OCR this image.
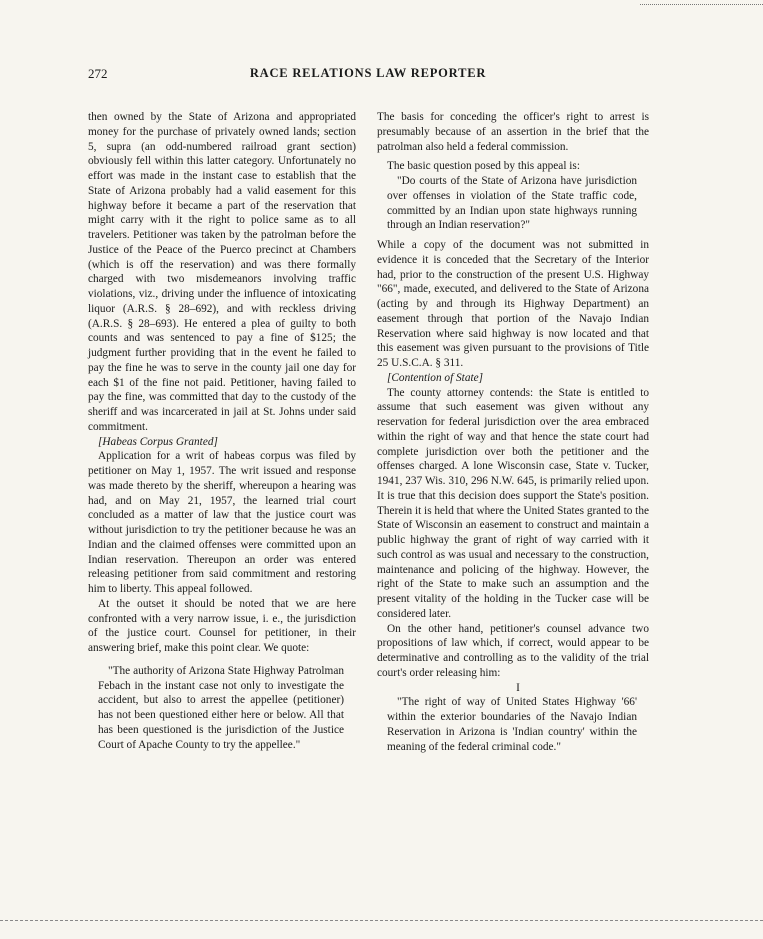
272	RACE RELATIONS LAW REPORTER

then owned by the State of Arizona and appropriated money for the purchase of privately owned lands; section 5, supra (an odd-numbered railroad grant section) obviously fell within this latter category. Unfortunately no effort was made in the instant case to establish that the State of Arizona probably had a valid easement for this highway before it became a part of the reservation that might carry with it the right to police same as to all travelers. Petitioner was taken by the patrolman before the Justice of the Peace of the Puerco precinct at Chambers (which is off the reservation) and was there formally charged with two misdemeanors involving traffic violations, viz., driving under the influence of intoxicating liquor (A.R.S. § 28–692), and with reckless driving (A.R.S. § 28–693). He entered a plea of guilty to both counts and was sentenced to pay a fine of $125; the judgment further providing that in the event he failed to pay the fine he was to serve in the county jail one day for each $1 of the fine not paid. Petitioner, having failed to pay the fine, was committed that day to the custody of the sheriff and was incarcerated in jail at St. Johns under said commitment.

[Habeas Corpus Granted]

Application for a writ of habeas corpus was filed by petitioner on May 1, 1957. The writ issued and response was made thereto by the sheriff, whereupon a hearing was had, and on May 21, 1957, the learned trial court concluded as a matter of law that the justice court was without jurisdiction to try the petitioner because he was an Indian and the claimed offenses were committed upon an Indian reservation. Thereupon an order was entered releasing petitioner from said commitment and restoring him to liberty. This appeal followed.

At the outset it should be noted that we are here confronted with a very narrow issue, i. e., the jurisdiction of the justice court. Counsel for petitioner, in their answering brief, make this point clear. We quote:

"The authority of Arizona State Highway Patrolman Febach in the instant case not only to investigate the accident, but also to arrest the appellee (petitioner) has not been questioned either here or below. All that has been questioned is the jurisdiction of the Justice Court of Apache County to try the appellee."

The basis for conceding the officer's right to arrest is presumably because of an assertion in the brief that the patrolman also held a federal commission.

The basic question posed by this appeal is:

"Do courts of the State of Arizona have jurisdiction over offenses in violation of the State traffic code, committed by an Indian upon state highways running through an Indian reservation?"

While a copy of the document was not submitted in evidence it is conceded that the Secretary of the Interior had, prior to the construction of the present U.S. Highway "66", made, executed, and delivered to the State of Arizona (acting by and through its Highway Department) an easement through that portion of the Navajo Indian Reservation where said highway is now located and that this easement was given pursuant to the provisions of Title 25 U.S.C.A. § 311.

[Contention of State]

The county attorney contends: the State is entitled to assume that such easement was given without any reservation for federal jurisdiction over the area embraced within the right of way and that hence the state court had complete jurisdiction over both the petitioner and the offenses charged. A lone Wisconsin case, State v. Tucker, 1941, 237 Wis. 310, 296 N.W. 645, is primarily relied upon. It is true that this decision does support the State's position. Therein it is held that where the United States granted to the State of Wisconsin an easement to construct and maintain a public highway the grant of right of way carried with it such control as was usual and necessary to the construction, maintenance and policing of the highway. However, the right of the State to make such an assumption and the present vitality of the holding in the Tucker case will be considered later.

On the other hand, petitioner's counsel advance two propositions of law which, if correct, would appear to be determinative and controlling as to the validity of the trial court's order releasing him:

I

"The right of way of United States Highway '66' within the exterior boundaries of the Navajo Indian Reservation in Arizona is 'Indian country' within the meaning of the federal criminal code."
